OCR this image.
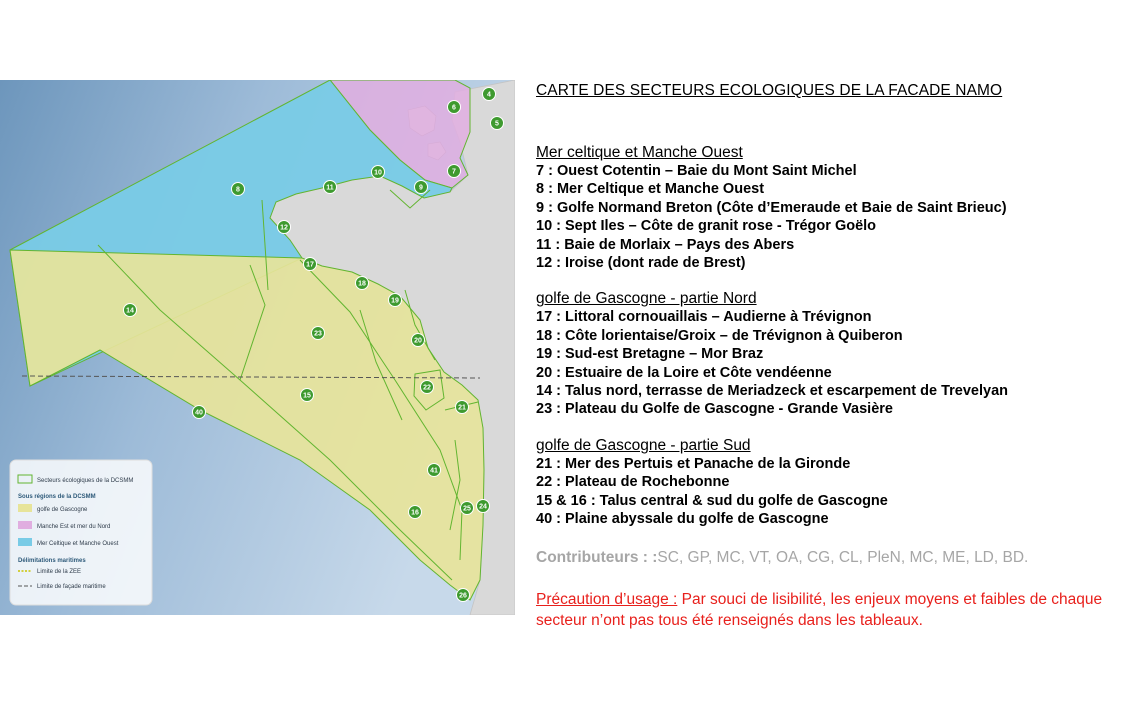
4
5
6
7
8	9
10
11
12
17
18
19
14
23
20
22
15
21
40
41
16
25 24
26
Secteurs écologiques de la DCSMM
Sous régions de la DCSMM
golfe de Gascogne
Manche Est et mer du Nord
Mer Celtique et Manche Ouest
Délimitations maritimes
Limite de la ZEE
Limite de façade maritime
CARTE DES SECTEURS ECOLOGIQUES DE LA FACADE NAMO
Mer celtique et Manche Ouest
7 : Ouest Cotentin – Baie du Mont Saint Michel
8 : Mer Celtique et Manche Ouest
9 : Golfe Normand Breton (Côte d’Emeraude et Baie de Saint Brieuc)
10 : Sept Iles – Côte de granit rose - Trégor Goëlo
11 : Baie de Morlaix – Pays des Abers
12 : Iroise (dont rade de Brest)
golfe de Gascogne - partie Nord
17 : Littoral cornouaillais – Audierne à Trévignon
18 : Côte lorientaise/Groix – de Trévignon à Quiberon
19 : Sud-est Bretagne – Mor Braz
20 : Estuaire de la Loire et Côte vendéenne
14 : Talus nord, terrasse de Meriadzeck et escarpement de Trevelyan
23 : Plateau du Golfe de Gascogne - Grande Vasière
golfe de Gascogne - partie Sud
21 : Mer des Pertuis et Panache de la Gironde
22 : Plateau de Rochebonne
15 & 16 : Talus central & sud du golfe de Gascogne
40 : Plaine abyssale du golfe de Gascogne
Contributeurs : :SC, GP, MC, VT, OA, CG, CL, PleN, MC, ME, LD, BD.
Précaution d’usage : Par souci de lisibilité, les enjeux moyens et faibles de chaque secteur n’ont pas tous été renseignés dans les tableaux.
